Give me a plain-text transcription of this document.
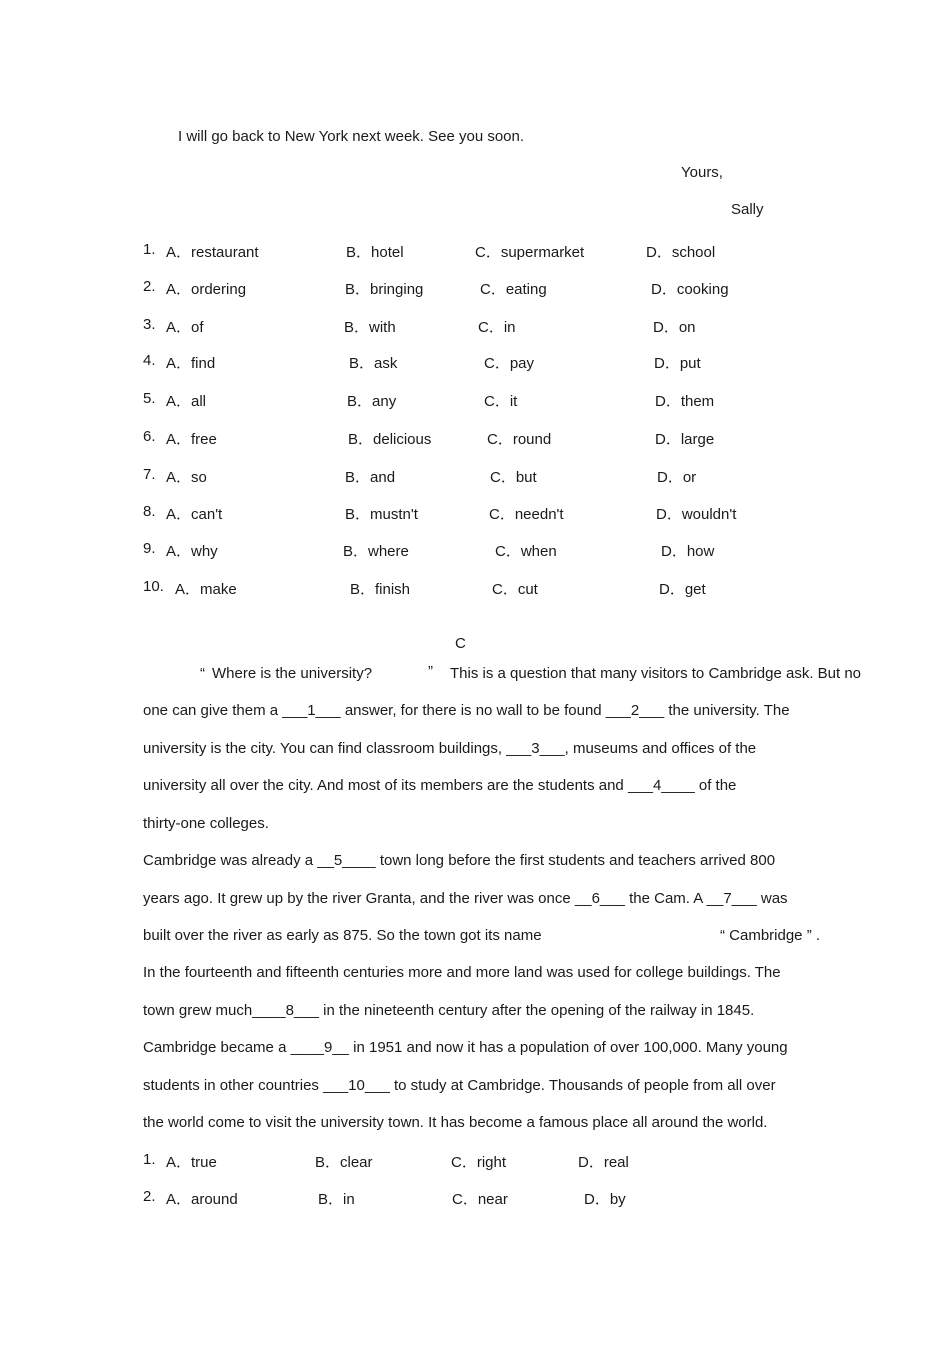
I will go back to New York next week. See you soon.
Yours,
Sally
1. A．restaurant	B．hotel	C．supermarket	D．school
2. A．ordering	B．bringing	C．eating	D．cooking
3. A．of	B．with	C．in	D．on
4. A．find	B．ask	C．pay	D．put
5. A．all	B．any	C．it	D．them
6. A．free	B．delicious	C．round	D．large
7. A．so	B．and	C．but	D．or
8. A．can't	B．mustn't	C．needn't	D．wouldn't
9. A．why	B．where	C．when	D．how
10. A．make	B．finish	C．cut	D．get
C
“ Where is the university?	” This is a question that many visitors to Cambridge ask. But no
one can give them a ___1___ answer, for there is no wall to be found ___2___ the university. The
university is the city. You can find classroom buildings, ___3___, museums and offices of the
university all over the city. And most of its members are the students and ___4____ of the
thirty-one colleges.
Cambridge was already a __5____ town long before the first students and teachers arrived 800
years ago. It grew up by the river Granta, and the river was once __6___ the Cam. A __7___ was
built over the river as early as 875. So the town got its name	“ Cambridge ” .
In the fourteenth and fifteenth centuries more and more land was used for college buildings. The
town grew much____8___ in the nineteenth century after the opening of the railway in 1845.
Cambridge became a ____9__ in 1951 and now it has a population of over 100,000. Many young
students in other countries ___10___ to study at Cambridge. Thousands of people from all over
the world come to visit the university town. It has become a famous place all around the world.
1. A．true	B．clear	C．right	D．real
2. A．around	B．in	C．near	D．by
